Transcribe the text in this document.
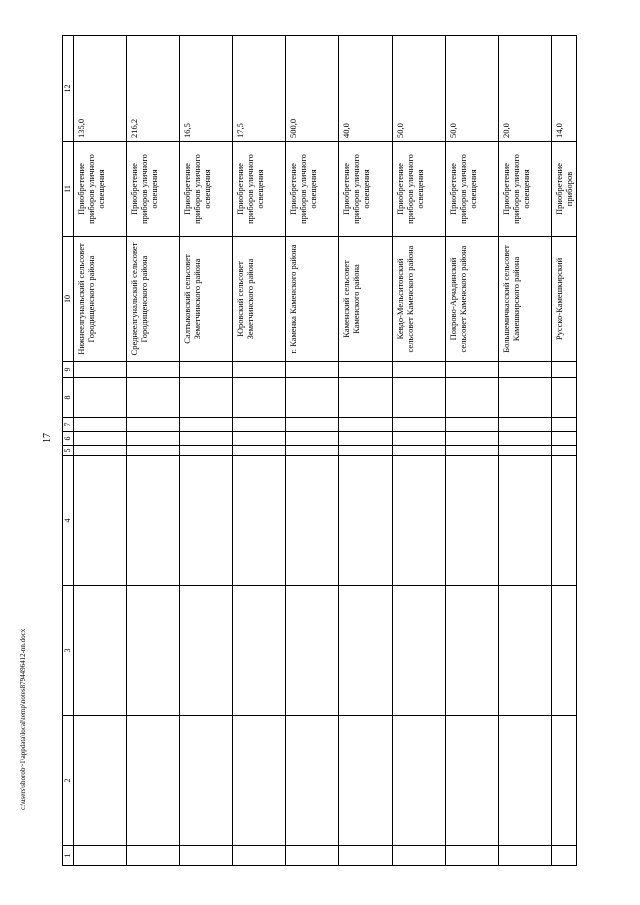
17
c:\users\shorob~1\appdata\local\temp\notes8794496412-nn.docx
1	2	3	4	5	6	7	8	9	10	11	12
									Нижнеелгунальский сельсовет Городищенского района	Приобретение приборов уличного освещения	135,0
									Среднеелгунальский сельсовет Городищенского района	Приобретение приборов уличного освещения	216,2
									Салтыковский сельсовет Земетчинского района	Приобретение приборов уличного освещения	16,5
									Юровский сельсовет Земетчинского района	Приобретение приборов уличного освещения	17,5
									г. Каменка Каменского района	Приобретение приборов уличного освещения	500,0
									Каменский сельсовет Каменского района	Приобретение приборов уличного освещения	40,0
									Кевдо-Мельситовский сельсовет Каменского района	Приобретение приборов уличного освещения	50,0
									Покрово-Арчадинский сельсовет Каменского района	Приобретение приборов уличного освещения	50,0
									Большемичкасский сельсовет Камешкирского района	Приобретение приборов уличного освещения	20,0
									Русско-Камешкирский	Приобретение приборов	14,0
